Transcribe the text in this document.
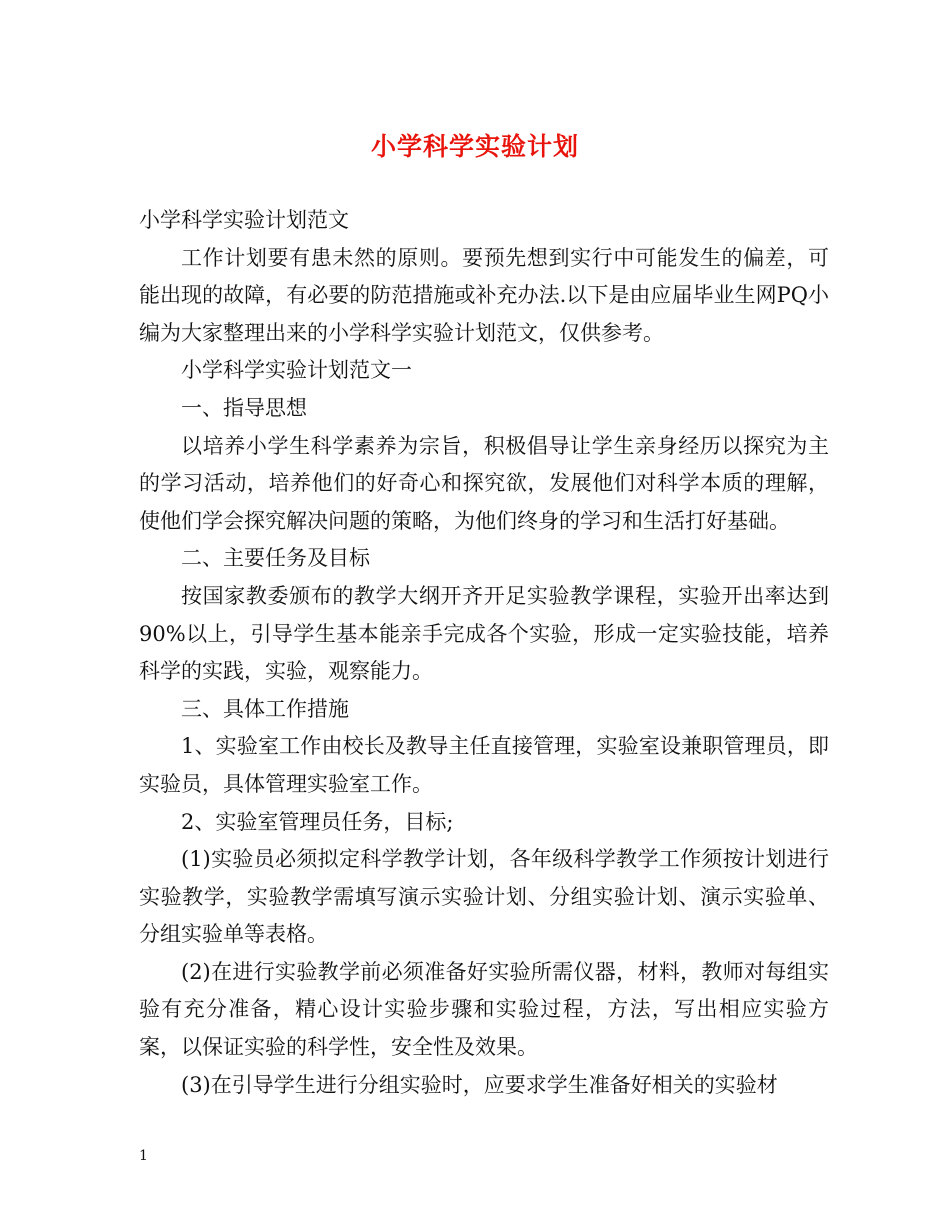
小学科学实验计划

小学科学实验计划范文

工作计划要有患未然的原则。要预先想到实行中可能发生的偏差，可能出现的故障，有必要的防范措施或补充办法.以下是由应届毕业生网PQ小编为大家整理出来的小学科学实验计划范文，仅供参考。

小学科学实验计划范文一

一、指导思想

以培养小学生科学素养为宗旨，积极倡导让学生亲身经历以探究为主的学习活动，培养他们的好奇心和探究欲，发展他们对科学本质的理解，使他们学会探究解决问题的策略，为他们终身的学习和生活打好基础。

二、主要任务及目标

按国家教委颁布的教学大纲开齐开足实验教学课程，实验开出率达到90%以上，引导学生基本能亲手完成各个实验，形成一定实验技能，培养科学的实践，实验，观察能力。

三、具体工作措施

1、实验室工作由校长及教导主任直接管理，实验室设兼职管理员，即实验员，具体管理实验室工作。

2、实验室管理员任务，目标;

(1)实验员必须拟定科学教学计划，各年级科学教学工作须按计划进行实验教学，实验教学需填写演示实验计划、分组实验计划、演示实验单、分组实验单等表格。

(2)在进行实验教学前必须准备好实验所需仪器，材料，教师对每组实验有充分准备，精心设计实验步骤和实验过程，方法，写出相应实验方案，以保证实验的科学性，安全性及效果。

(3)在引导学生进行分组实验时，应要求学生准备好相关的实验材

1
